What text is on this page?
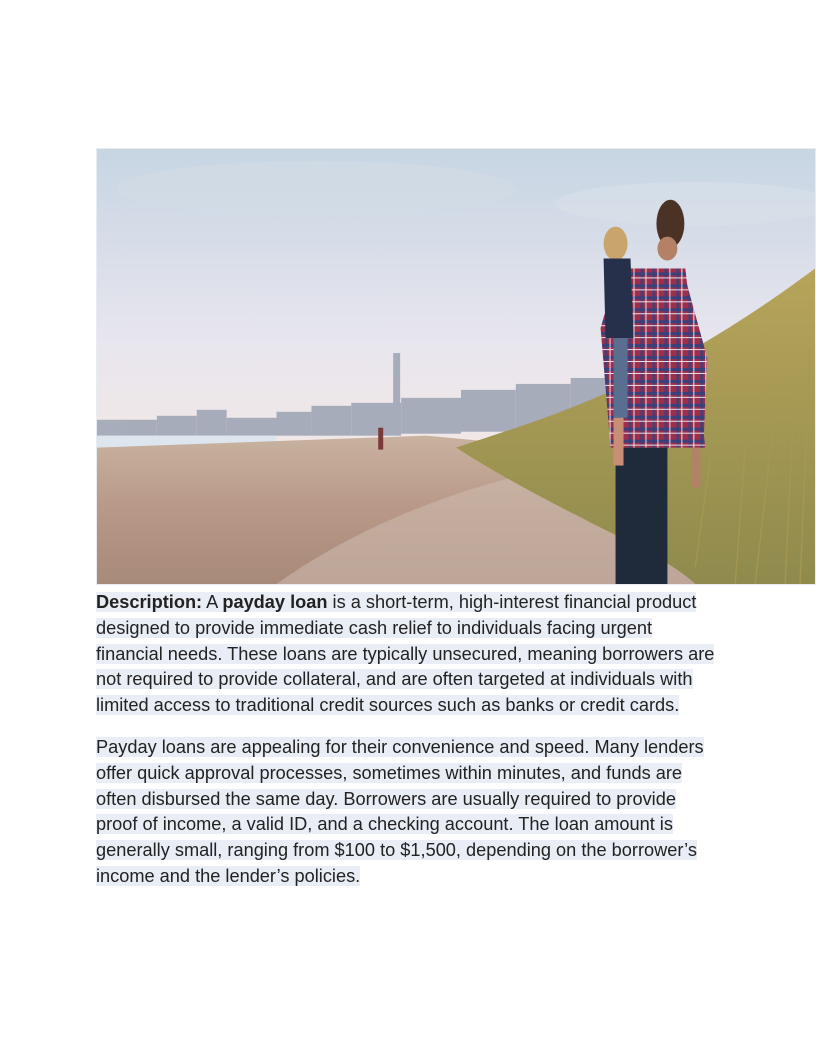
Description: A payday loan is a short-term, high-interest financial product designed to provide immediate cash relief to individuals facing urgent financial needs. These loans are typically unsecured, meaning borrowers are not required to provide collateral, and are often targeted at individuals with limited access to traditional credit sources such as banks or credit cards.

Payday loans are appealing for their convenience and speed. Many lenders offer quick approval processes, sometimes within minutes, and funds are often disbursed the same day. Borrowers are usually required to provide proof of income, a valid ID, and a checking account. The loan amount is generally small, ranging from $100 to $1,500, depending on the borrower’s income and the lender’s policies.
